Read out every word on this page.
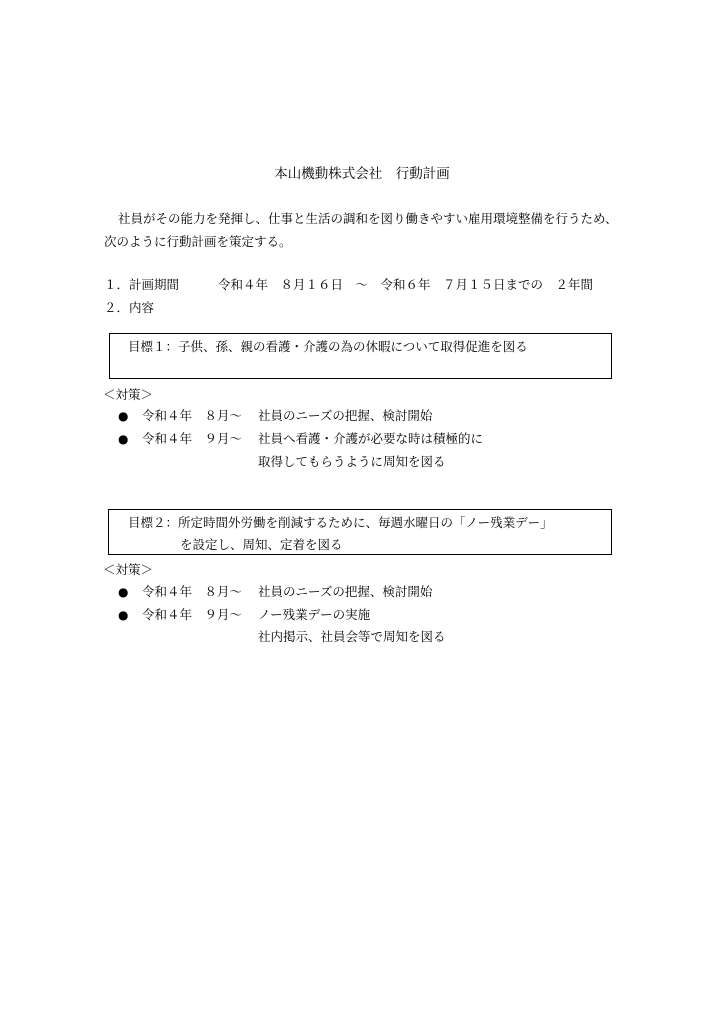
本山機動株式会社　行動計画
社員がその能力を発揮し、仕事と生活の調和を図り働きやすい雇用環境整備を行うため、
次のように行動計画を策定する。
１．計画期間	令和４年　８月１６日　～　令和６年　７月１５日までの　２年間
２．内容
目標１：子供、孫、親の看護・介護の為の休暇について取得促進を図る
＜対策＞
● 令和４年　８月～ 社員のニーズの把握、検討開始
● 令和４年　９月～ 社員へ看護・介護が必要な時は積極的に
取得してもらうように周知を図る
目標２：所定時間外労働を削減するために、毎週水曜日の「ノー残業デー」
を設定し、周知、定着を図る
＜対策＞
● 令和４年　８月～ 社員のニーズの把握、検討開始
● 令和４年　９月～ ノー残業デーの実施
社内掲示、社員会等で周知を図る
